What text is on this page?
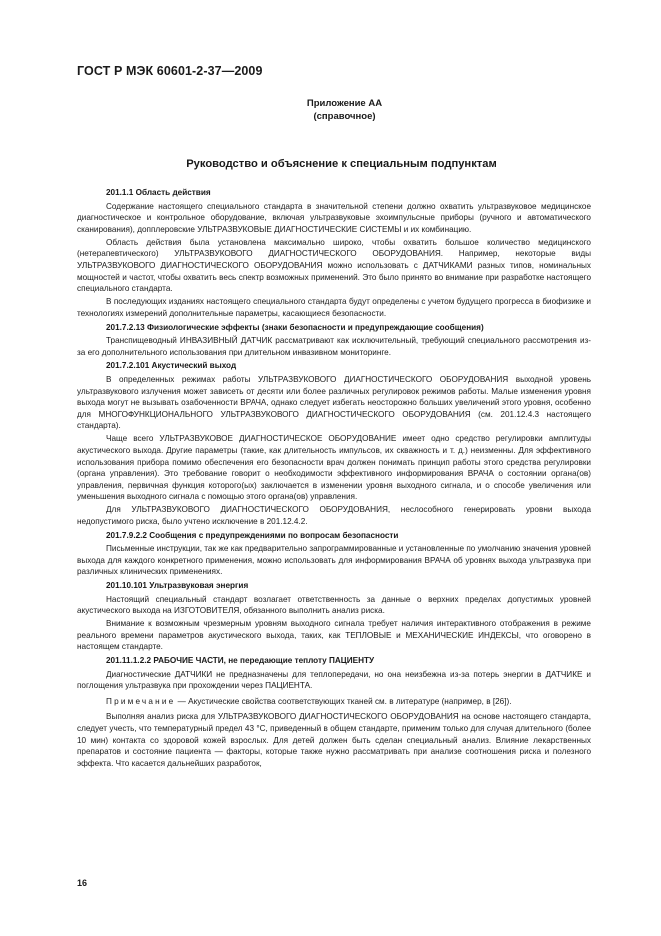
ГОСТ Р МЭК 60601-2-37—2009
Приложение АА
(справочное)
Руководство и объяснение к специальным подпунктам
201.1.1 Область действия
Содержание настоящего специального стандарта в значительной степени должно охватить ультразвуковое медицинское диагностическое и контрольное оборудование, включая ультразвуковые эхоимпульсные приборы (ручного и автоматического сканирования), допплеровские УЛЬТРАЗВУКОВЫЕ ДИАГНОСТИЧЕСКИЕ СИСТЕМЫ и их комбинацию.
Область действия была установлена максимально широко, чтобы охватить большое количество медицинского (нетерапевтического) УЛЬТРАЗВУКОВОГО ДИАГНОСТИЧЕСКОГО ОБОРУДОВАНИЯ. Например, некоторые виды УЛЬТРАЗВУКОВОГО ДИАГНОСТИЧЕСКОГО ОБОРУДОВАНИЯ можно использовать с ДАТЧИКАМИ разных типов, номинальных мощностей и частот, чтобы охватить весь спектр возможных применений. Это было принято во внимание при разработке настоящего специального стандарта.
В последующих изданиях настоящего специального стандарта будут определены с учетом будущего прогресса в биофизике и технологиях измерений дополнительные параметры, касающиеся безопасности.
201.7.2.13 Физиологические эффекты (знаки безопасности и предупреждающие сообщения)
Транспищеводный ИНВАЗИВНЫЙ ДАТЧИК рассматривают как исключительный, требующий специального рассмотрения из-за его дополнительного использования при длительном инвазивном мониторинге.
201.7.2.101 Акустический выход
В определенных режимах работы УЛЬТРАЗВУКОВОГО ДИАГНОСТИЧЕСКОГО ОБОРУДОВАНИЯ выходной уровень ультразвукового излучения может зависеть от десяти или более различных регулировок режимов работы. Малые изменения уровня выхода могут не вызывать озабоченности ВРАЧА, однако следует избегать неосторожно больших увеличений этого уровня, особенно для МНОГОФУНКЦИОНАЛЬНОГО УЛЬТРАЗВУКОВОГО ДИАГНОСТИЧЕСКОГО ОБОРУДОВАНИЯ (см. 201.12.4.3 настоящего стандарта).
Чаще всего УЛЬТРАЗВУКОВОЕ ДИАГНОСТИЧЕСКОЕ ОБОРУДОВАНИЕ имеет одно средство регулировки амплитуды акустического выхода. Другие параметры (такие, как длительность импульсов, их скважность и т. д.) неизменны. Для эффективного использования прибора помимо обеспечения его безопасности врач должен понимать принцип работы этого средства регулировки (органа управления). Это требование говорит о необходимости эффективного информирования ВРАЧА о состоянии органа(ов) управления, первичная функция которого(ых) заключается в изменении уровня выходного сигнала, и о способе увеличения или уменьшения выходного сигнала с помощью этого органа(ов) управления.
Для УЛЬТРАЗВУКОВОГО ДИАГНОСТИЧЕСКОГО ОБОРУДОВАНИЯ, неслособного генерировать уровни выхода недопустимого риска, было учтено исключение в 201.12.4.2.
201.7.9.2.2 Сообщения с предупреждениями по вопросам безопасности
Письменные инструкции, так же как предварительно запрограммированные и установленные по умолчанию значения уровней выхода для каждого конкретного применения, можно использовать для информирования ВРАЧА об уровнях выхода ультразвука при различных клинических применениях.
201.10.101 Ультразвуковая энергия
Настоящий специальный стандарт возлагает ответственность за данные о верхних пределах допустимых уровней акустического выхода на ИЗГОТОВИТЕЛЯ, обязанного выполнить анализ риска.
Внимание к возможным чрезмерным уровням выходного сигнала требует наличия интерактивного отображения в режиме реального времени параметров акустического выхода, таких, как ТЕПЛОВЫЕ и МЕХАНИЧЕСКИЕ ИНДЕКСЫ, что оговорено в настоящем стандарте.
201.11.1.2.2 РАБОЧИЕ ЧАСТИ, не передающие теплоту ПАЦИЕНТУ
Диагностические ДАТЧИКИ не предназначены для теплопередачи, но она неизбежна из-за потерь энергии в ДАТЧИКЕ и поглощения ультразвука при прохождении через ПАЦИЕНТА.
Примечание — Акустические свойства соответствующих тканей см. в литературе (например, в [26]).
Выполняя анализ риска для УЛЬТРАЗВУКОВОГО ДИАГНОСТИЧЕСКОГО ОБОРУДОВАНИЯ на основе настоящего стандарта, следует учесть, что температурный предел 43 °С, приведенный в общем стандарте, применим только для случая длительного (более 10 мин) контакта со здоровой кожей взрослых. Для детей должен быть сделан специальный анализ. Влияние лекарственных препаратов и состояние пациента — факторы, которые также нужно рассматривать при анализе соотношения риска и полезного эффекта. Что касается дальнейших разработок,
16
